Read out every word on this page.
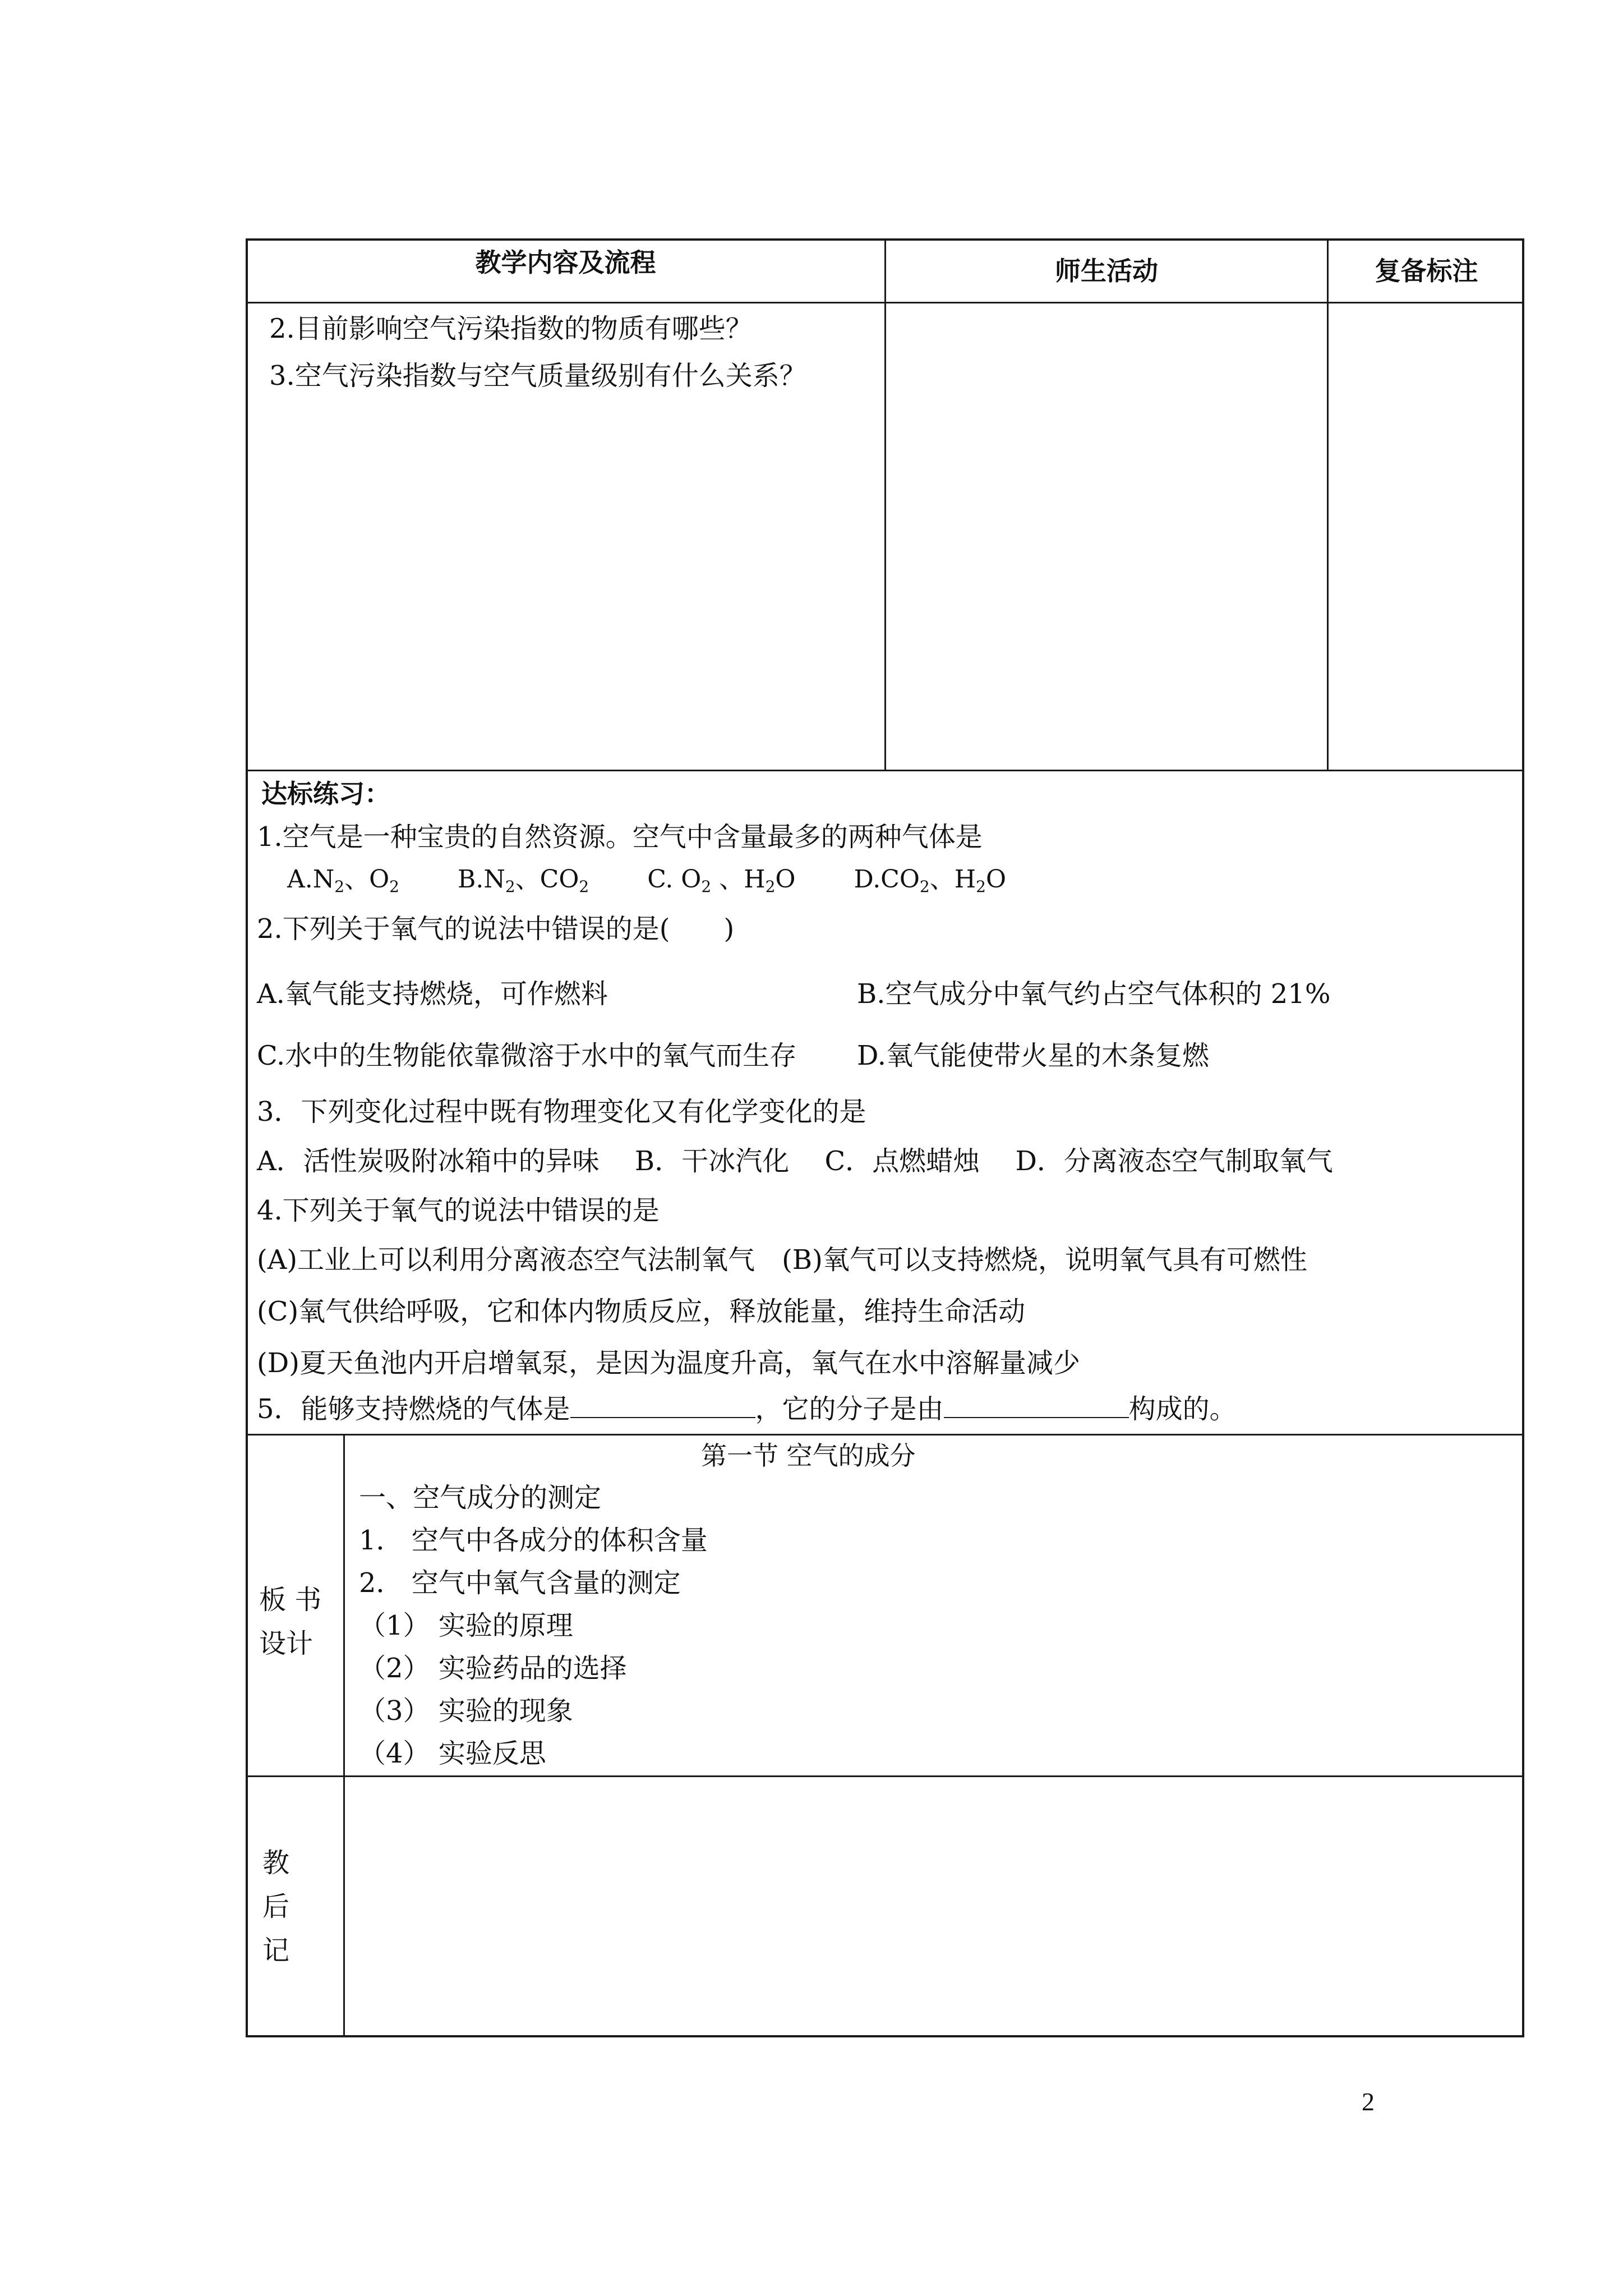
教学内容及流程	师生活动	复备标注
2.目前影响空气污染指数的物质有哪些？
3.空气污染指数与空气质量级别有什么关系？
达标练习：
1.空气是一种宝贵的自然资源。空气中含量最多的两种气体是
$A.N_2$、$O_2$ $B.N_2$、$CO_2$ C. $O_2$ 、$H_2O$ $D.CO_2$、$H_2O$
2.下列关于氧气的说法中错误的是(　　)
A.氧气能支持燃烧，可作燃料	B.空气成分中氧气约占空气体积的 21%
C.水中的生物能依靠微溶于水中的氧气而生存 D.氧气能使带火星的木条复燃
3．下列变化过程中既有物理变化又有化学变化的是
A．活性炭吸附冰箱中的异味　 B．干冰汽化　 C．点燃蜡烛　 D．分离液态空气制取氧气
4.下列关于氧气的说法中错误的是
(A)工业上可以利用分离液态空气法制氧气　(B)氧气可以支持燃烧，说明氧气具有可燃性
(C)氧气供给呼吸，它和体内物质反应，释放能量，维持生命活动
(D)夏天鱼池内开启增氧泵，是因为温度升高，氧气在水中溶解量减少
5．能够支持燃烧的气体是	，它的分子是由	构成的。
板 书
设计
第一节 空气的成分
一、空气成分的测定
1． 空气中各成分的体积含量
2． 空气中氧气含量的测定
（1） 实验的原理
（2） 实验药品的选择
（3） 实验的现象
（4） 实验反思
教
后
记
2
